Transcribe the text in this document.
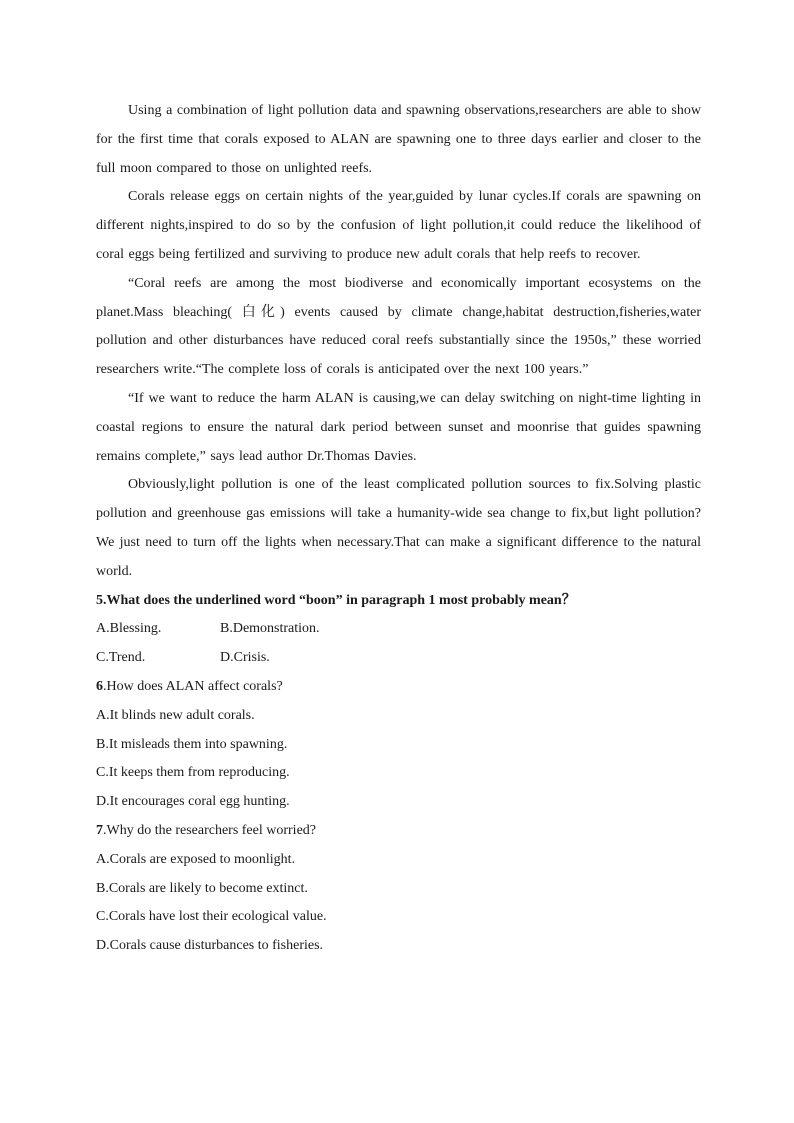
Using a combination of light pollution data and spawning observations,researchers are able to show for the first time that corals exposed to ALAN are spawning one to three days earlier and closer to the full moon compared to those on unlighted reefs.

Corals release eggs on certain nights of the year,guided by lunar cycles.If corals are spawning on different nights,inspired to do so by the confusion of light pollution,it could reduce the likelihood of coral eggs being fertilized and surviving to produce new adult corals that help reefs to recover.

“Coral reefs are among the most biodiverse and economically important ecosystems on the planet.Mass bleaching( 白化) events caused by climate change,habitat destruction,fisheries,water pollution and other disturbances have reduced coral reefs substantially since the 1950s,” these worried researchers write.“The complete loss of corals is anticipated over the next 100 years.”

“If we want to reduce the harm ALAN is causing,we can delay switching on night-time lighting in coastal regions to ensure the natural dark period between sunset and moonrise that guides spawning remains complete,” says lead author Dr.Thomas Davies.

Obviously,light pollution is one of the least complicated pollution sources to fix.Solving plastic pollution and greenhouse gas emissions will take a humanity-wide sea change to fix,but light pollution?We just need to turn off the lights when necessary.That can make a significant difference to the natural world.

5.What does the underlined word “boon” in paragraph 1 most probably mean？
A.Blessing.	B.Demonstration.
C.Trend.	D.Crisis.
6.How does ALAN affect corals?
A.It blinds new adult corals.
B.It misleads them into spawning.
C.It keeps them from reproducing.
D.It encourages coral egg hunting.
7.Why do the researchers feel worried?
A.Corals are exposed to moonlight.
B.Corals are likely to become extinct.
C.Corals have lost their ecological value.
D.Corals cause disturbances to fisheries.
